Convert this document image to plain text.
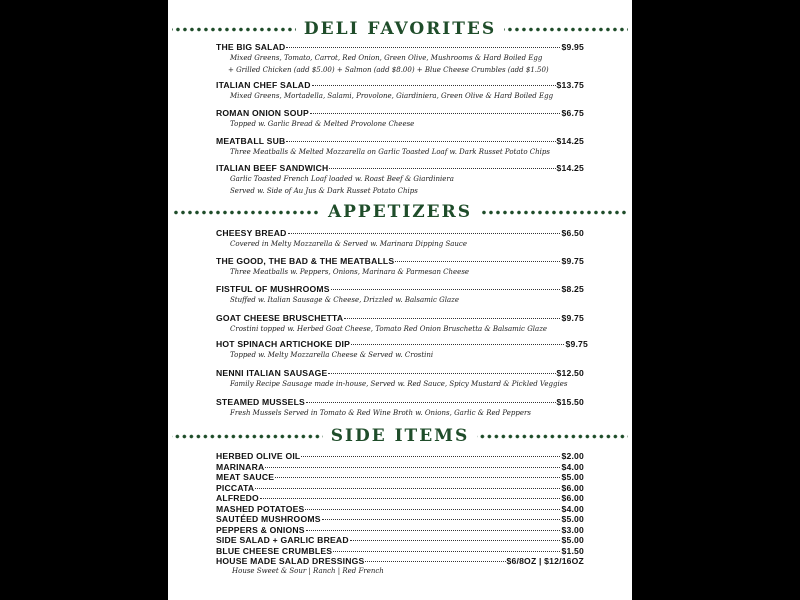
DELI FAVORITES
THE BIG SALAD	$9.95
Mixed Greens, Tomato, Carrot, Red Onion, Green Olive, Mushrooms & Hard Boiled Egg
+ Grilled Chicken (add $5.00) + Salmon (add $8.00) + Blue Cheese Crumbles (add $1.50)
ITALIAN CHEF SALAD	$13.75
Mixed Greens, Mortadella, Salami, Provolone, Giardiniera, Green Olive & Hard Boiled Egg
ROMAN ONION SOUP	$6.75
Topped w. Garlic Bread & Melted Provolone Cheese
MEATBALL SUB	$14.25
Three Meatballs & Melted Mozzarella on Garlic Toasted Loaf w. Dark Russet Potato Chips
ITALIAN BEEF SANDWICH	$14.25
Garlic Toasted French Loaf loaded w. Roast Beef & Giardiniera
Served w. Side of Au Jus & Dark Russet Potato Chips
APPETIZERS
CHEESY BREAD	$6.50
Covered in Melty Mozzarella & Served w. Marinara Dipping Sauce
THE GOOD, THE BAD & THE MEATBALLS	$9.75
Three Meatballs w. Peppers, Onions, Marinara & Parmesan Cheese
FISTFUL OF MUSHROOMS	$8.25
Stuffed w. Italian Sausage & Cheese, Drizzled w. Balsamic Glaze
GOAT CHEESE BRUSCHETTA	$9.75
Crostini topped w. Herbed Goat Cheese, Tomato Red Onion Bruschetta & Balsamic Glaze
HOT SPINACH ARTICHOKE DIP	$9.75
Topped w. Melty Mozzarella Cheese & Served w. Crostini
NENNI ITALIAN SAUSAGE	$12.50
Family Recipe Sausage made in-house, Served w. Red Sauce, Spicy Mustard & Pickled Veggies
STEAMED MUSSELS	$15.50
Fresh Mussels Served in Tomato & Red Wine Broth w. Onions, Garlic & Red Peppers
SIDE ITEMS
HERBED OLIVE OIL	$2.00
MARINARA	$4.00
MEAT SAUCE	$5.00
PICCATA	$6.00
ALFREDO	$6.00
MASHED POTATOES	$4.00
SAUTÉED MUSHROOMS	$5.00
PEPPERS & ONIONS	$3.00
SIDE SALAD + GARLIC BREAD	$5.00
BLUE CHEESE CRUMBLES	$1.50
HOUSE MADE SALAD DRESSINGS	$6/8OZ | $12/16OZ
House Sweet & Sour | Ranch | Red French
